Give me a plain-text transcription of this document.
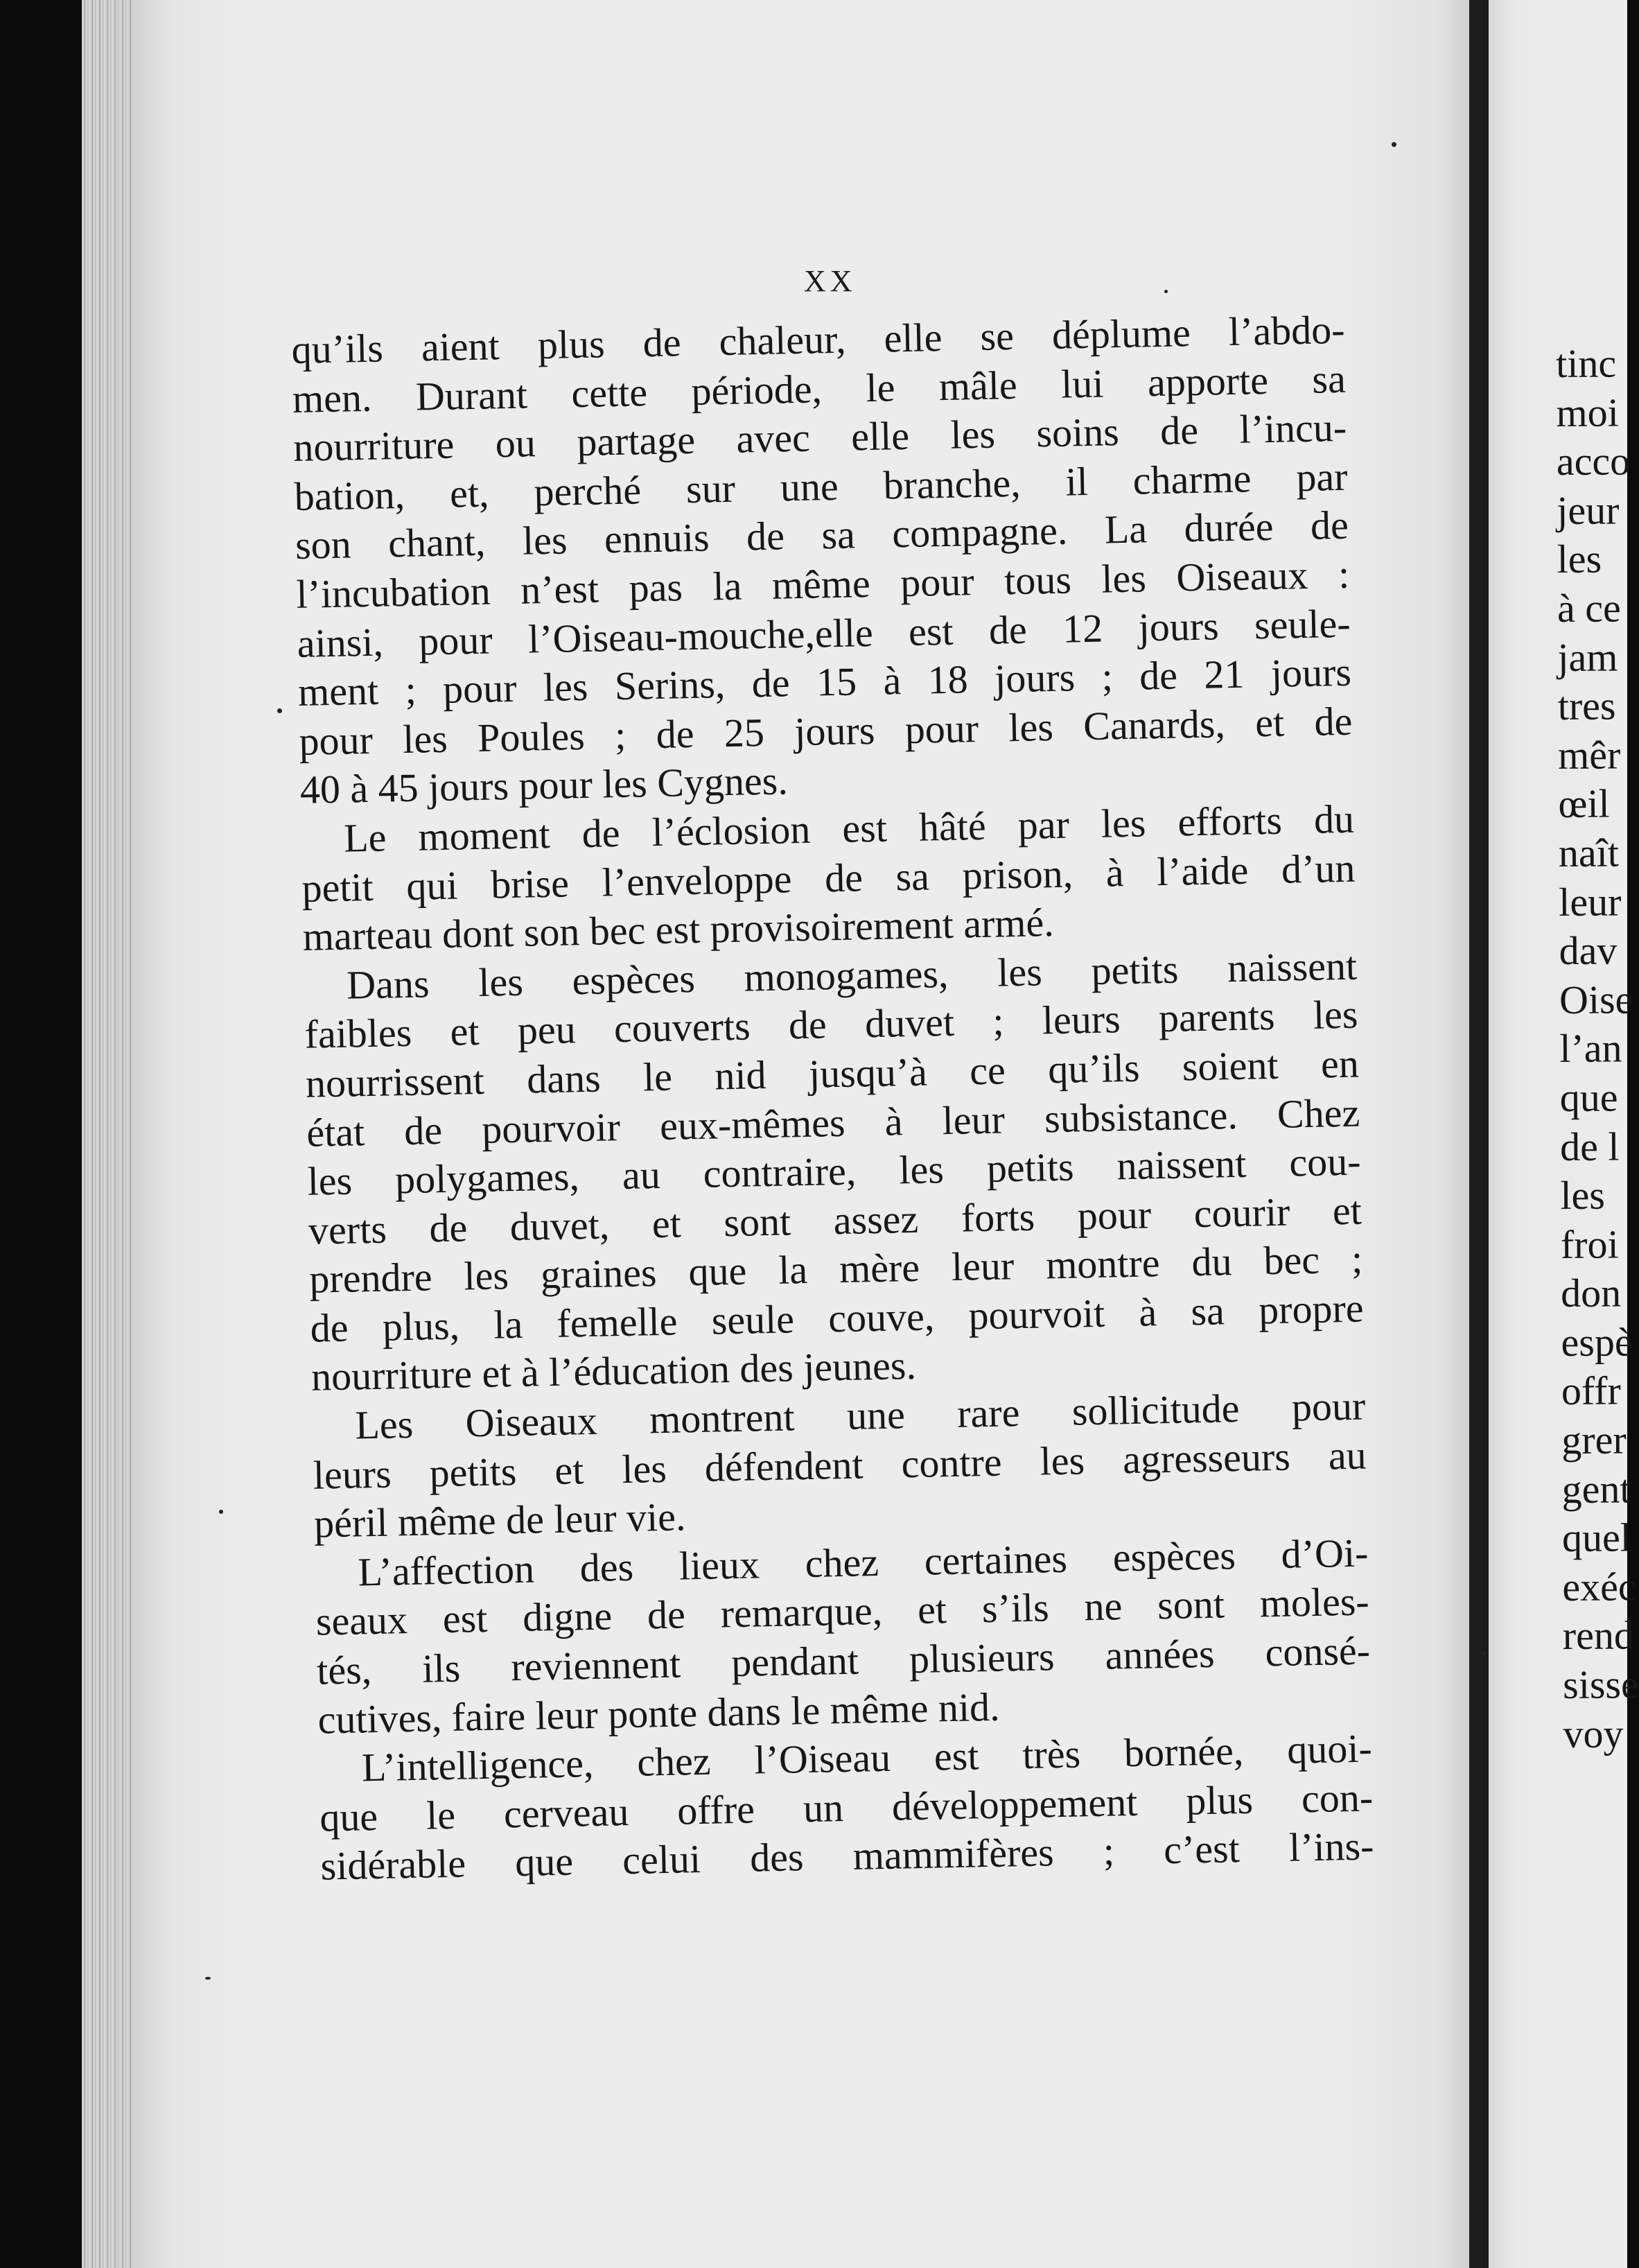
XX
qu’ils aient plus de chaleur, elle se déplume l’abdo-
men. Durant cette période, le mâle lui apporte sa
nourriture ou partage avec elle les soins de l’incu-
bation, et, perché sur une branche, il charme par
son chant, les ennuis de sa compagne. La durée de
l’incubation n’est pas la même pour tous les Oiseaux :
ainsi, pour l’Oiseau-mouche,elle est de 12 jours seule-
ment ; pour les Serins, de 15 à 18 jours ; de 21 jours
pour les Poules ; de 25 jours pour les Canards, et de
40 à 45 jours pour les Cygnes.
Le moment de l’éclosion est hâté par les efforts du
petit qui brise l’enveloppe de sa prison, à l’aide d’un
marteau dont son bec est provisoirement armé.
Dans les espèces monogames, les petits naissent
faibles et peu couverts de duvet ; leurs parents les
nourrissent dans le nid jusqu’à ce qu’ils soient en
état de pourvoir eux-mêmes à leur subsistance. Chez
les polygames, au contraire, les petits naissent cou-
verts de duvet, et sont assez forts pour courir et
prendre les graines que la mère leur montre du bec ;
de plus, la femelle seule couve, pourvoit à sa propre
nourriture et à l’éducation des jeunes.
Les Oiseaux montrent une rare sollicitude pour
leurs petits et les défendent contre les agresseurs au
péril même de leur vie.
L’affection des lieux chez certaines espèces d’Oi-
seaux est digne de remarque, et s’ils ne sont moles-
tés, ils reviennent pendant plusieurs années consé-
cutives, faire leur ponte dans le même nid.
L’intelligence, chez l’Oiseau est très bornée, quoi-
que le cerveau offre un développement plus con-
sidérable que celui des mammifères ; c’est l’ins-
tinc
moi
acco
jeur
les
à ce
jam
tres
mêr
œil
naît
leur
dav
Oise
l’an
que
de l
les
froi
don
espè
offr
grer
gent
quel
exéc
rend
sisse
voy
